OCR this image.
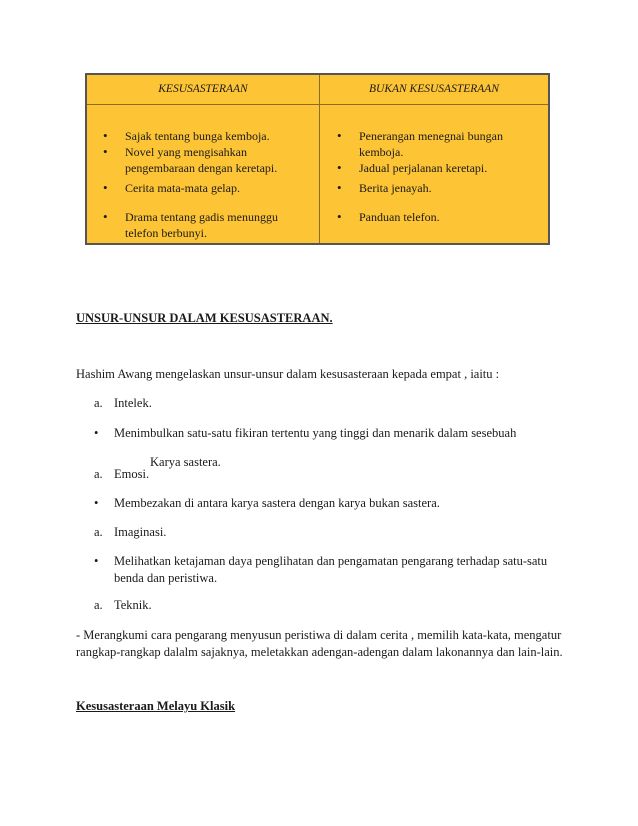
KESUSASTERAAN	BUKAN KESUSASTERAAN
• Sajak tentang bunga kemboja.
• Novel yang mengisahkan pengembaraan dengan keretapi.
• Cerita mata-mata gelap.
• Drama tentang gadis menunggu telefon berbunyi.
• Penerangan menegnai bungan kemboja.
• Jadual perjalanan keretapi.
• Berita jenayah.
• Panduan telefon.
UNSUR-UNSUR DALAM KESUSASTERAAN.
Hashim Awang mengelaskan unsur-unsur dalam kesusasteraan kepada empat , iaitu :
a. Intelek.
• Menimbulkan satu-satu fikiran tertentu yang tinggi dan menarik dalam sesebuah
Karya sastera.
a. Emosi.
• Membezakan di antara karya sastera dengan karya bukan sastera.
a. Imaginasi.
• Melihatkan ketajaman daya penglihatan dan pengamatan pengarang terhadap satu-satu benda dan peristiwa.
a. Teknik.
- Merangkumi cara pengarang menyusun peristiwa di dalam cerita , memilih kata-kata, mengatur rangkap-rangkap dalalm sajaknya, meletakkan adengan-adengan dalam lakonannya dan lain-lain.
Kesusasteraan Melayu Klasik
